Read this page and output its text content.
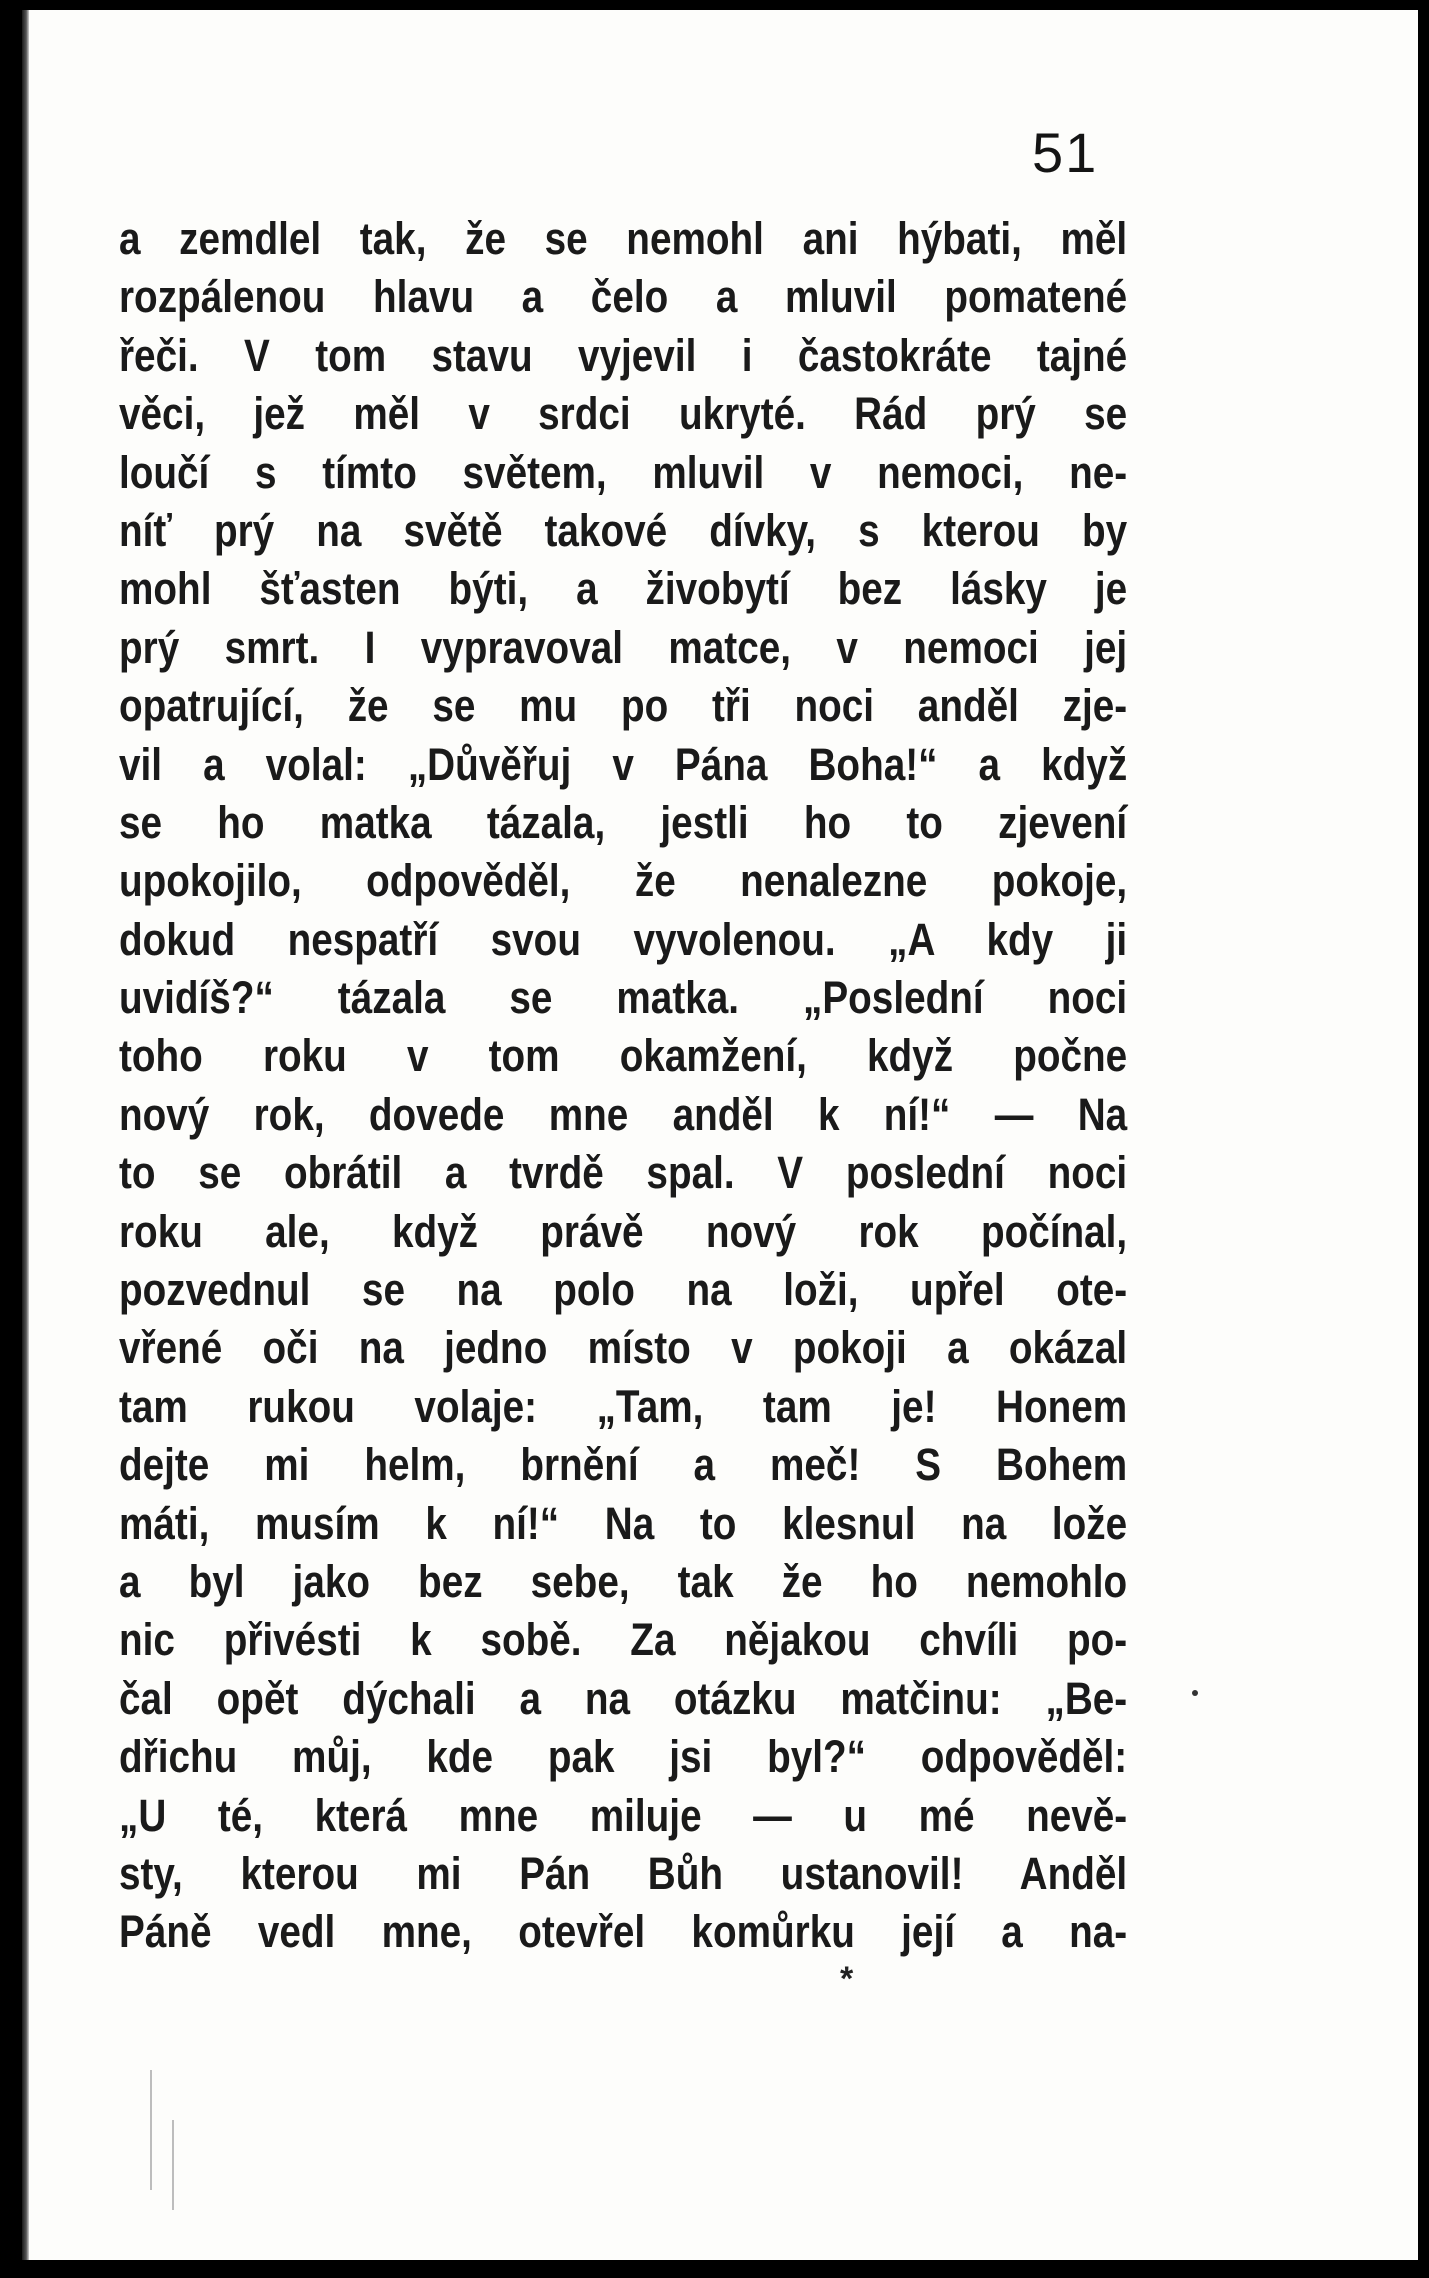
51
a zemdlel tak, že se nemohl ani hýbati, měl
rozpálenou hlavu a čelo a mluvil pomatené
řeči. V tom stavu vyjevil i častokráte tajné
věci, jež měl v srdci ukryté. Rád prý se
loučí s tímto světem, mluvil v nemoci, ne-
níť prý na světě takové dívky, s kterou by
mohl šťasten býti, a živobytí bez lásky je
prý smrt. I vypravoval matce, v nemoci jej
opatrující, že se mu po tři noci anděl zje-
vil a volal: „Důvěřuj v Pána Boha!“ a když
se ho matka tázala, jestli ho to zjevení
upokojilo, odpověděl, že nenalezne pokoje,
dokud nespatří svou vyvolenou. „A kdy ji
uvidíš?“ tázala se matka. „Poslední noci
toho roku v tom okamžení, když počne
nový rok, dovede mne anděl k ní!“ — Na
to se obrátil a tvrdě spal. V poslední noci
roku ale, když právě nový rok počínal,
pozvednul se na polo na loži, upřel ote-
vřené oči na jedno místo v pokoji a okázal
tam rukou volaje: „Tam, tam je! Honem
dejte mi helm, brnění a meč! S Bohem
máti, musím k ní!“ Na to klesnul na lože
a byl jako bez sebe, tak že ho nemohlo
nic přivésti k sobě. Za nějakou chvíli po-
čal opět dýchali a na otázku matčinu: „Be-
dřichu můj, kde pak jsi byl?“ odpověděl:
„U té, která mne miluje — u mé nevě-
sty, kterou mi Pán Bůh ustanovil! Anděl
Páně vedl mne, otevřel komůrku její a na-
*
